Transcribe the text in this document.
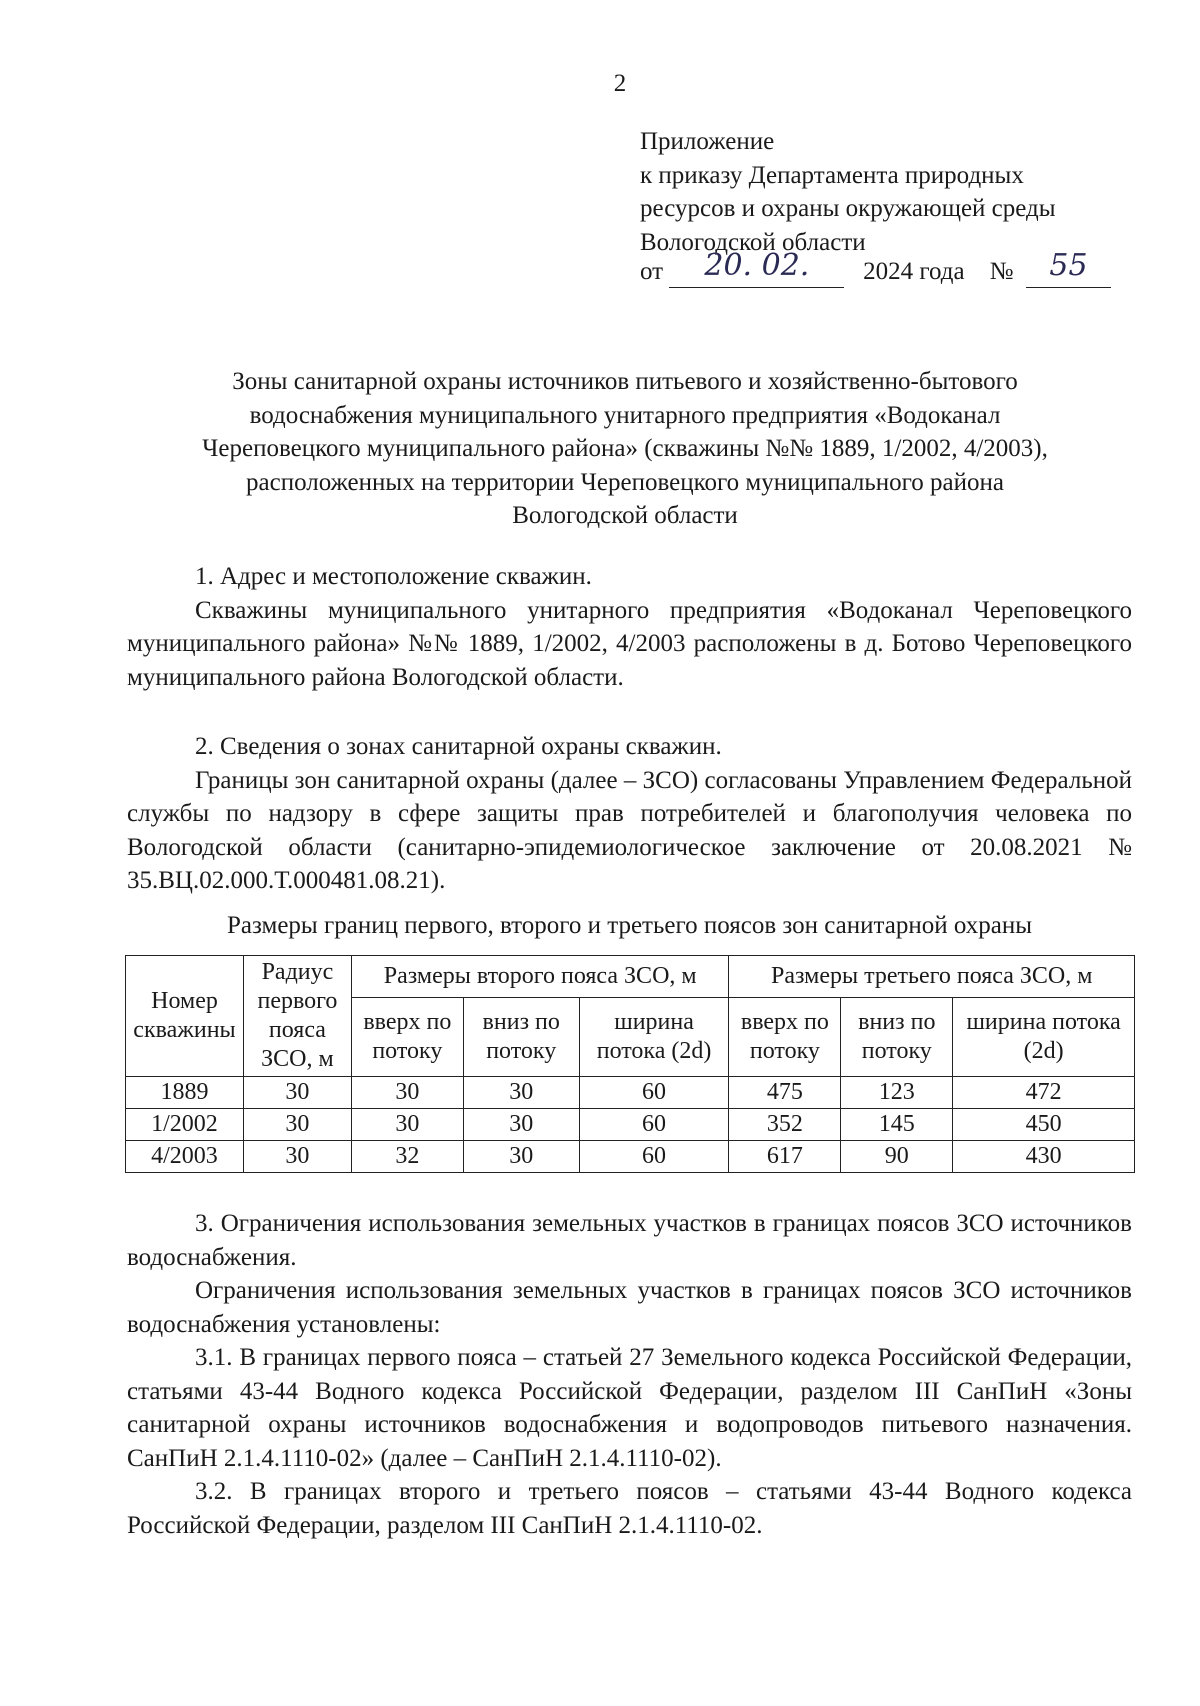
2
Приложение
к приказу Департамента природных
ресурсов и охраны окружающей среды
Вологодской области
от 20. 02. 2024 года № 55
Зоны санитарной охраны источников питьевого и хозяйственно-бытового
водоснабжения муниципального унитарного предприятия «Водоканал
Череповецкого муниципального района» (скважины №№ 1889, 1/2002, 4/2003),
расположенных на территории Череповецкого муниципального района
Вологодской области

1. Адрес и местоположение скважин.

Скважины муниципального унитарного предприятия «Водоканал Череповецкого муниципального района» №№ 1889, 1/2002, 4/2003 расположены в д. Ботово Череповецкого муниципального района Вологодской области.

2. Сведения о зонах санитарной охраны скважин.

Границы зон санитарной охраны (далее – ЗСО) согласованы Управлением Федеральной службы по надзору в сфере защиты прав потребителей и благополучия человека по Вологодской области (санитарно-эпидемиологическое заключение от 20.08.2021 № 35.ВЦ.02.000.Т.000481.08.21).

Размеры границ первого, второго и третьего поясов зон санитарной охраны
Номер скважины	Радиус первого пояса ЗСО, м	Размеры второго пояса ЗСО, м			Размеры третьего пояса ЗСО, м		
		вверх по потоку	вниз по потоку	ширина потока (2d)	вверх по потоку	вниз по потоку	ширина потока (2d)
1889	30	30	30	60	475	123	472
1/2002	30	30	30	60	352	145	450
4/2003	30	32	30	60	617	90	430

3. Ограничения использования земельных участков в границах поясов ЗСО источников водоснабжения.

Ограничения использования земельных участков в границах поясов ЗСО источников водоснабжения установлены:

3.1. В границах первого пояса – статьей 27 Земельного кодекса Российской Федерации, статьями 43-44 Водного кодекса Российской Федерации, разделом III СанПиН «Зоны санитарной охраны источников водоснабжения и водопроводов питьевого назначения. СанПиН 2.1.4.1110-02» (далее – СанПиН 2.1.4.1110-02).

3.2. В границах второго и третьего поясов – статьями 43-44 Водного кодекса Российской Федерации, разделом III СанПиН 2.1.4.1110-02.
